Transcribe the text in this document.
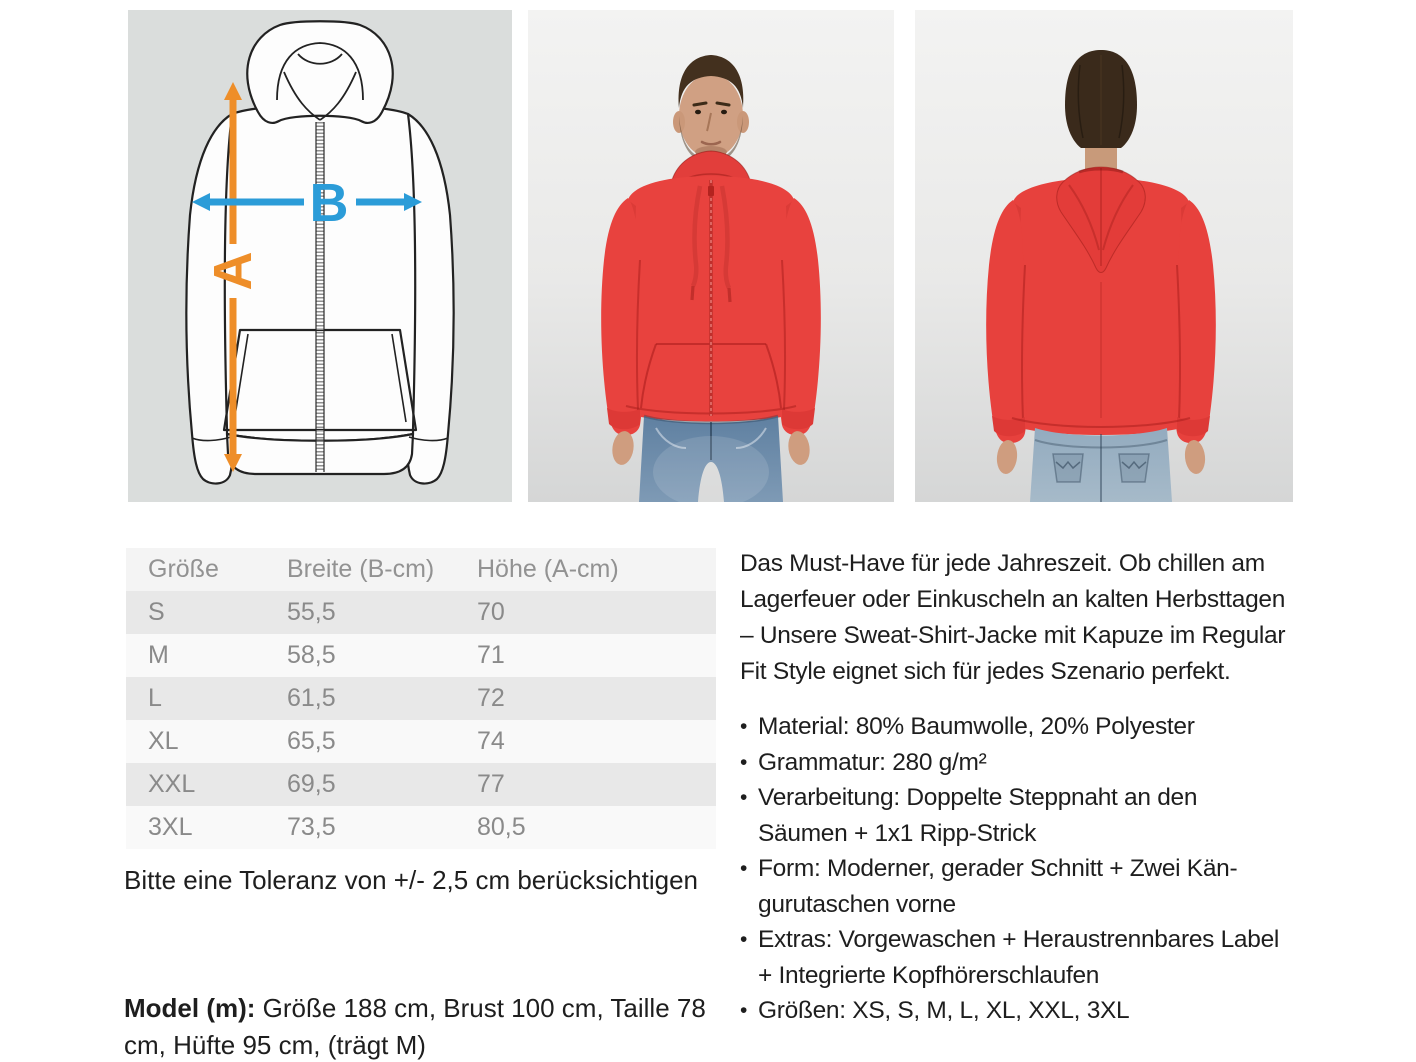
A
B
Größe	Breite (B-cm)	Höhe (A-cm)
S	55,5	70
M	58,5	71
L	61,5	72
XL	65,5	74
XXL	69,5	77
3XL	73,5	80,5
Bitte eine Toleranz von +/- 2,5 cm berücksichtigen

Model (m): Größe 188 cm, Brust 100 cm, Taille 78 cm, Hüfte 95 cm, (trägt M)

Das Must-Have für jede Jahreszeit. Ob chillen am Lagerfeuer oder Einkuscheln an kalten Herbsttagen – Unsere Sweat-Shirt-Jacke mit Kapuze im Regular Fit Style eignet sich für jedes Szenario perfekt.

• Material: 80% Baumwolle, 20% Polyester
• Grammatur: 280 g/m²
• Verarbeitung: Doppelte Steppnaht an den Säumen + 1x1 Ripp-Strick
• Form: Moderner, gerader Schnitt + Zwei Kängurutaschen vorne
• Extras: Vorgewaschen + Heraustrennbares Label + Integrierte Kopfhörerschlaufen
• Größen: XS, S, M, L, XL, XXL, 3XL
